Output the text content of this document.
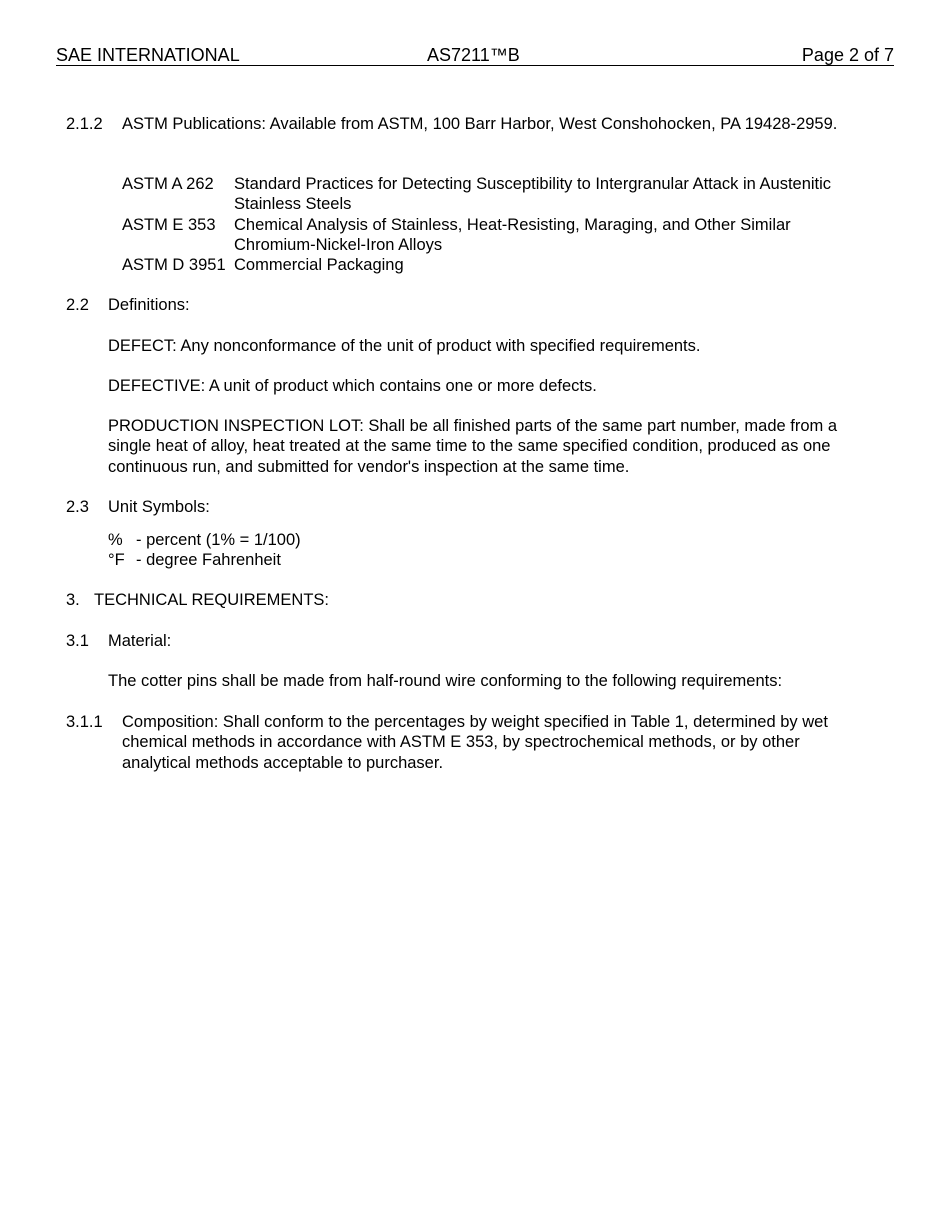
SAE INTERNATIONAL	AS7211™B	Page 2 of 7
2.1.2 ASTM Publications: Available from ASTM, 100 Barr Harbor, West Conshohocken, PA 19428-2959.
ASTM A 262 Standard Practices for Detecting Susceptibility to Intergranular Attack in Austenitic Stainless Steels
ASTM E 353 Chemical Analysis of Stainless, Heat-Resisting, Maraging, and Other Similar Chromium-Nickel-Iron Alloys
ASTM D 3951 Commercial Packaging
2.2 Definitions:
DEFECT: Any nonconformance of the unit of product with specified requirements.
DEFECTIVE: A unit of product which contains one or more defects.
PRODUCTION INSPECTION LOT: Shall be all finished parts of the same part number, made from a single heat of alloy, heat treated at the same time to the same specified condition, produced as one continuous run, and submitted for vendor's inspection at the same time.
2.3 Unit Symbols:
% - percent (1% = 1/100)
°F - degree Fahrenheit
3. TECHNICAL REQUIREMENTS:
3.1 Material:
The cotter pins shall be made from half-round wire conforming to the following requirements:
3.1.1 Composition: Shall conform to the percentages by weight specified in Table 1, determined by wet chemical methods in accordance with ASTM E 353, by spectrochemical methods, or by other analytical methods acceptable to purchaser.
